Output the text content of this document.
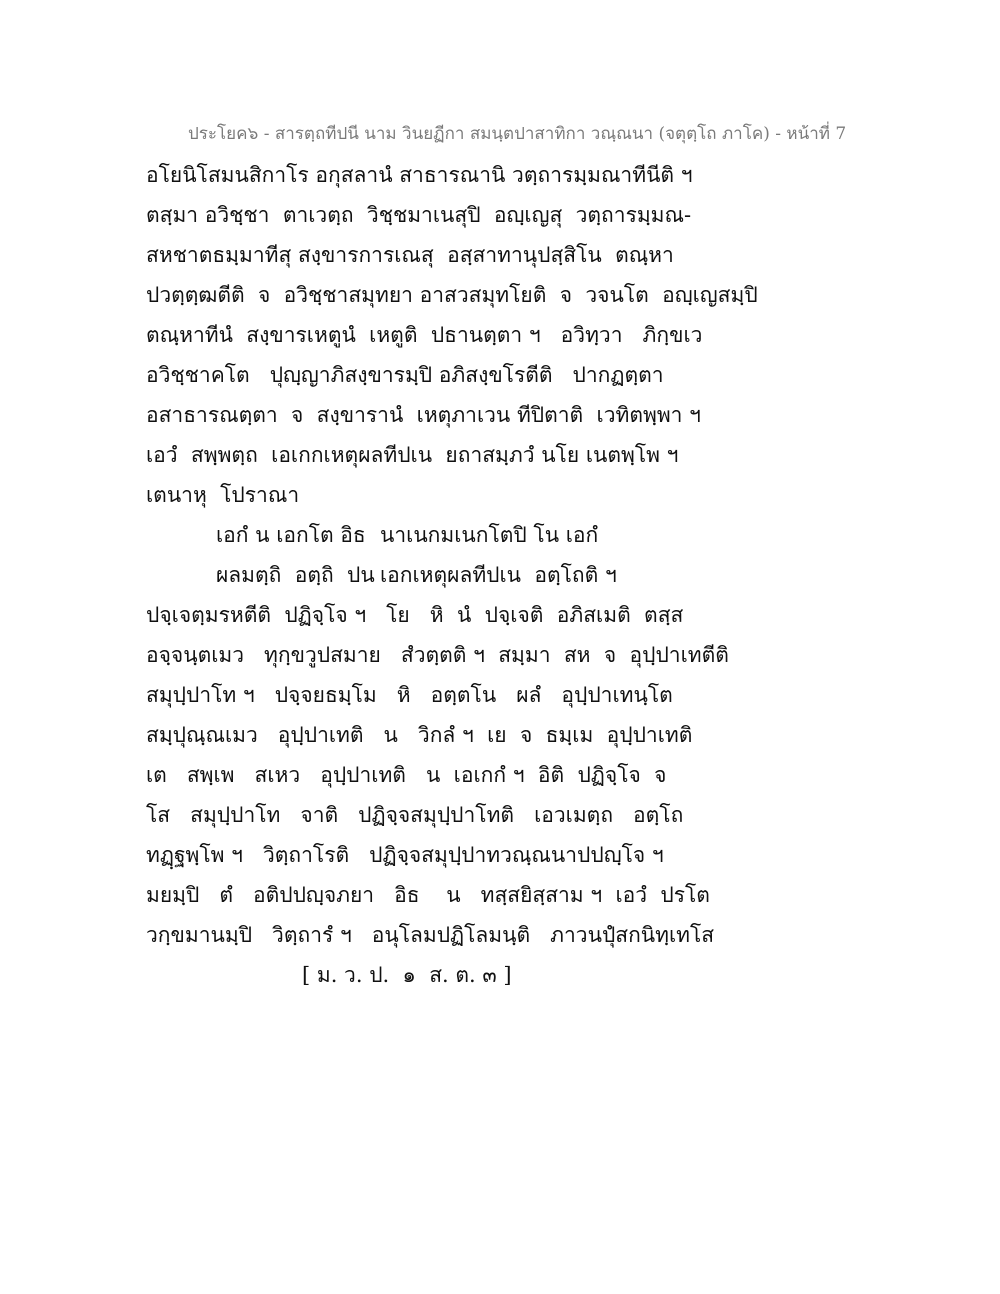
ประโยค๖ - สารตฺถทีปนี นาม วินยฏีกา สมนฺตปาสาทิกา วณฺณนา (จตุตฺโถ ภาโค) - หน้าที่ 7
อโยนิโสมนสิกาโร อกุสลานํ สาธารณานิ วตฺถารมฺมณาทีนีติ ฯ
ตสฺมา อวิชฺชา  ตาเวตฺถ  วิชฺชมาเนสุปิ  อญฺเญสุ  วตฺถารมฺมณ-
สหชาตธมฺมาทีสุ สงฺขารการเณสุ  อสฺสาทานุปสฺสิโน  ตณฺหา
ปวตฺตฺฒตีติ  จ  อวิชฺชาสมุทยา อาสวสมุทโยติ  จ  วจนโต  อญฺเญสมฺปิ
ตณฺหาทีนํ  สงฺขารเหตูนํ  เหตูติ  ปธานตฺตา ฯ   อวิทฺวา   ภิกฺขเว
อวิชฺชาคโต   ปุญฺญาภิสงฺขารมฺปิ อภิสงฺขโรตีติ   ปากฏตฺตา
อสาธารณตฺตา  จ  สงฺขารานํ  เหตุภาเวน ทีปิตาติ  เวทิตพฺพา ฯ
เอวํ  สพฺพตฺถ  เอเกกเหตุผลทีปเน  ยถาสมฺภวํ นโย เนตพฺโพ ฯ
เตนาหุ  โปราณา

เอกํ น เอกโต อิธ

นาเนกมเนกโตปิ โน เอกํ

ผลมตฺถิ  อตฺถิ  ปน

เอกเหตุผลทีปเน  อตฺโถติ ฯ

ปจฺเจตฺมรหตีติ  ปฏิจฺโจ ฯ   โย   หิ  นํ  ปจฺเจติ  อภิสเมติ  ตสฺส
อจฺจนฺตเมว   ทุกฺขวูปสมาย   สํวตฺตติ ฯ  สมฺมา  สห  จ  อุปฺปาเทตีติ
สมุปฺปาโท ฯ   ปจฺจยธมฺโม   หิ   อตฺตโน   ผลํ   อุปฺปาเทนฺโต
สมฺปุณฺณเมว   อุปฺปาเทติ   น   วิกลํ ฯ  เย  จ  ธมฺเม  อุปฺปาเทติ
เต   สพฺเพ   สเหว   อุปฺปาเทติ   น  เอเกกํ ฯ  อิติ  ปฏิจฺโจ  จ
โส   สมุปฺปาโท   จาติ   ปฏิจฺจสมุปฺปาโทติ   เอวเมตฺถ   อตฺโถ
ทฏฺฐพฺโพ ฯ   วิตฺถาโรติ   ปฏิจฺจสมุปฺปาทวณฺณนาปปญฺโจ ฯ
มยมฺปิ   ตํ   อติปปญฺจภยา   อิธ    น   ทสฺสยิสฺสาม ฯ  เอวํ  ปรโต
วกฺขมานมฺปิ   วิตฺถารํ ฯ   อนุโลมปฏิโลมนฺติ   ภาวนปุํสกนิทฺเทโส
[ ม. ว. ป.  ๑  ส. ต. ๓ ]
